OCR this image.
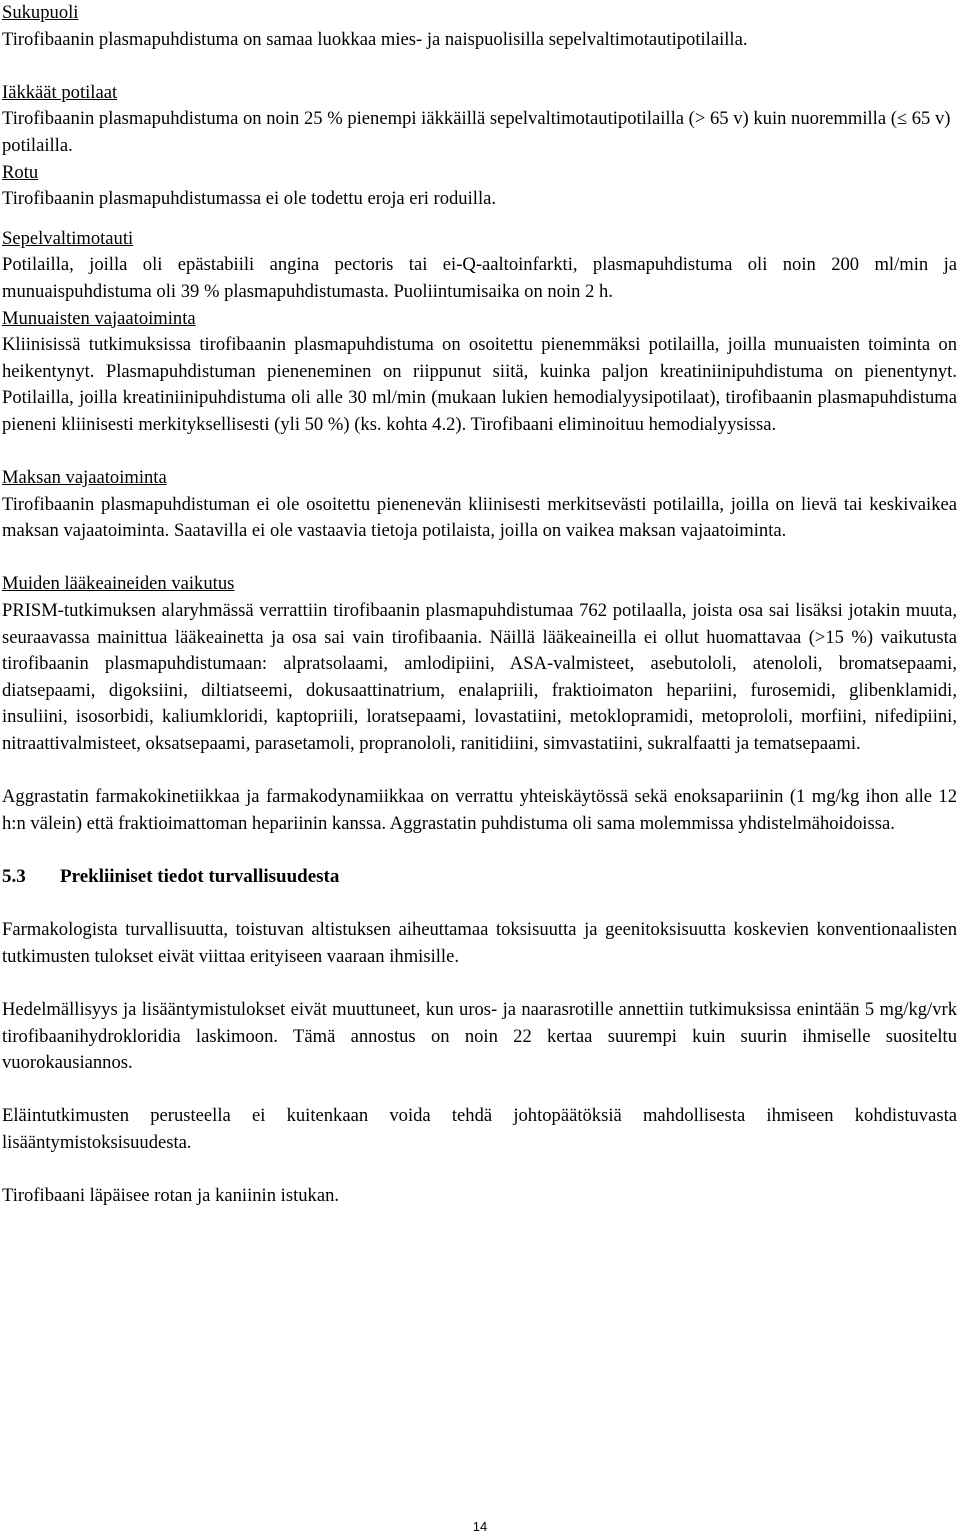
Sukupuoli

Tirofibaanin plasmapuhdistuma on samaa luokkaa mies- ja naispuolisilla sepelvaltimotautipotilailla.

Iäkkäät potilaat

Tirofibaanin plasmapuhdistuma on noin 25 % pienempi iäkkäillä sepelvaltimotautipotilailla (> 65 v) kuin nuoremmilla (≤ 65 v) potilailla.

Rotu

Tirofibaanin plasmapuhdistumassa ei ole todettu eroja eri roduilla.

Sepelvaltimotauti

Potilailla, joilla oli epästabiili angina pectoris tai ei-Q-aaltoinfarkti, plasmapuhdistuma oli noin 200 ml/min ja munuaispuhdistuma oli 39 % plasmapuhdistumasta. Puoliintumisaika on noin 2 h.

Munuaisten vajaatoiminta

Kliinisissä tutkimuksissa tirofibaanin plasmapuhdistuma on osoitettu pienemmäksi potilailla, joilla munuaisten toiminta on heikentynyt. Plasmapuhdistuman pieneneminen on riippunut siitä, kuinka paljon kreatiniinipuhdistuma on pienentynyt. Potilailla, joilla kreatiniinipuhdistuma oli alle 30 ml/min (mukaan lukien hemodialyysipotilaat), tirofibaanin plasmapuhdistuma pieneni kliinisesti merkityksellisesti (yli 50 %) (ks. kohta 4.2). Tirofibaani eliminoituu hemodialyysissa.

Maksan vajaatoiminta

Tirofibaanin plasmapuhdistuman ei ole osoitettu pienenevän kliinisesti merkitsevästi potilailla, joilla on lievä tai keskivaikea maksan vajaatoiminta. Saatavilla ei ole vastaavia tietoja potilaista, joilla on vaikea maksan vajaatoiminta.

Muiden lääkeaineiden vaikutus

PRISM-tutkimuksen alaryhmässä verrattiin tirofibaanin plasmapuhdistumaa 762 potilaalla, joista osa sai lisäksi jotakin muuta, seuraavassa mainittua lääkeainetta ja osa sai vain tirofibaania. Näillä lääkeaineilla ei ollut huomattavaa (>15 %) vaikutusta tirofibaanin plasmapuhdistumaan: alpratsolaami, amlodipiini, ASA-valmisteet, asebutololi, atenololi, bromatsepaami, diatsepaami, digoksiini, diltiatseemi, dokusaattinatrium, enalapriili, fraktioimaton hepariini, furosemidi, glibenklamidi, insuliini, isosorbidi, kaliumkloridi, kaptopriili, loratsepaami, lovastatiini, metoklopramidi, metoprololi, morfiini, nifedipiini, nitraattivalmisteet, oksatsepaami, parasetamoli, propranololi, ranitidiini, simvastatiini, sukralfaatti ja tematsepaami.

Aggrastatin farmakokinetiikkaa ja farmakodynamiikkaa on verrattu yhteiskäytössä sekä enoksapariinin (1 mg/kg ihon alle 12 h:n välein) että fraktioimattoman hepariinin kanssa. Aggrastatin puhdistuma oli sama molemmissa yhdistelmähoidoissa.

5.3 Prekliiniset tiedot turvallisuudesta

Farmakologista turvallisuutta, toistuvan altistuksen aiheuttamaa toksisuutta ja geenitoksisuutta koskevien konventionaalisten tutkimusten tulokset eivät viittaa erityiseen vaaraan ihmisille.

Hedelmällisyys ja lisääntymistulokset eivät muuttuneet, kun uros- ja naarasrotille annettiin tutkimuksissa enintään 5 mg/kg/vrk tirofibaanihydrokloridia laskimoon. Tämä annostus on noin 22 kertaa suurempi kuin suurin ihmiselle suositeltu vuorokausiannos.

Eläintutkimusten perusteella ei kuitenkaan voida tehdä johtopäätöksiä mahdollisesta ihmiseen kohdistuvasta lisääntymistoksisuudesta.

Tirofibaani läpäisee rotan ja kaniinin istukan.

14
